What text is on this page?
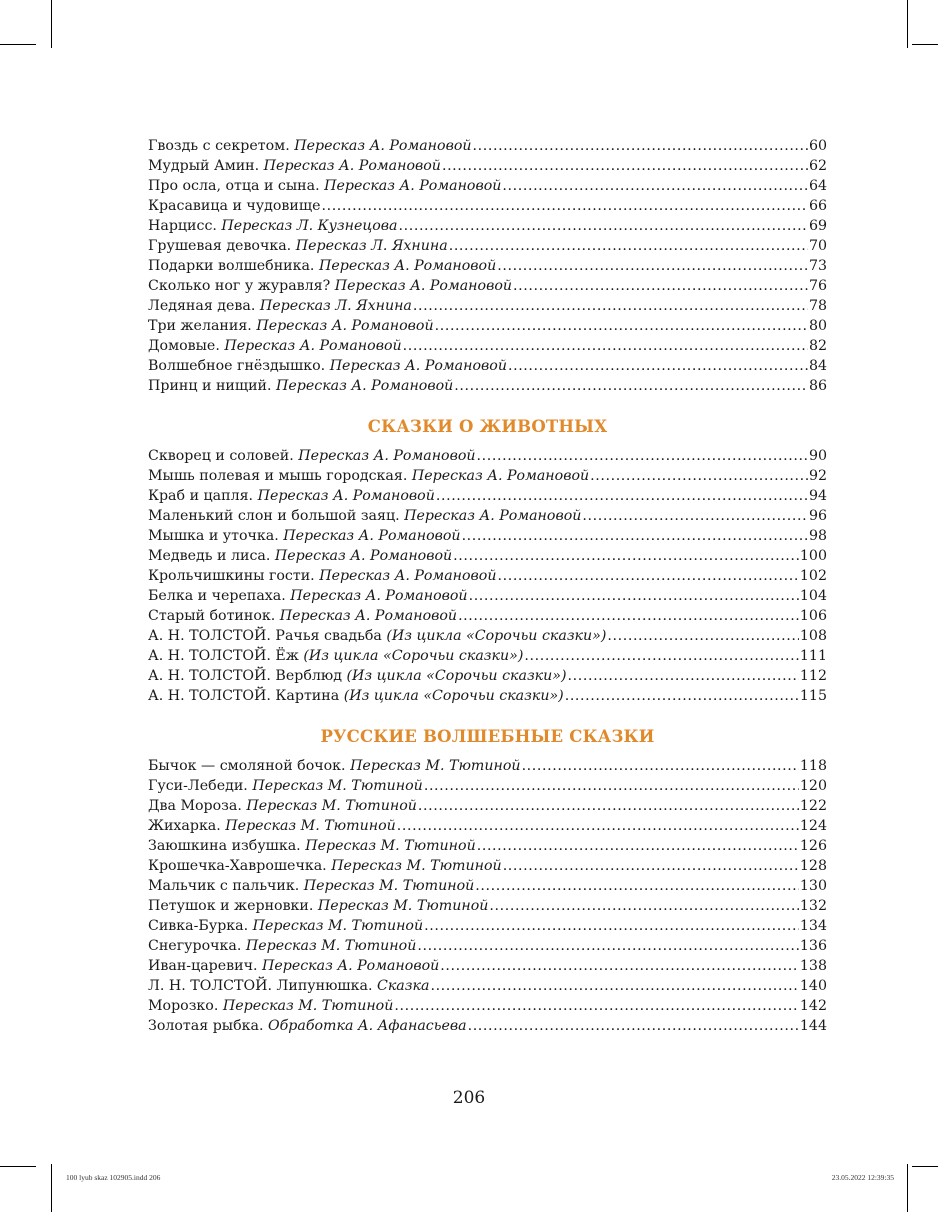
Гвоздь с секретом. Пересказ А. Романовой .....	60
Мудрый Амин. Пересказ А. Романовой .....	62
Про осла, отца и сына. Пересказ А. Романовой .....	64
Красавица и чудовище .....	66
Нарцисс. Пересказ Л. Кузнецова .....	69
Грушевая девочка. Пересказ Л. Яхнина .....	70
Подарки волшебника. Пересказ А. Романовой .....	73
Сколько ног у журавля? Пересказ А. Романовой .....	76
Ледяная дева. Пересказ Л. Яхнина .....	78
Три желания. Пересказ А. Романовой .....	80
Домовые. Пересказ А. Романовой .....	82
Волшебное гнёздышко. Пересказ А. Романовой .....	84
Принц и нищий. Пересказ А. Романовой .....	86
СКАЗКИ О ЖИВОТНЫХ
Скворец и соловей. Пересказ А. Романовой .....	90
Мышь полевая и мышь городская. Пересказ А. Романовой .....	92
Краб и цапля. Пересказ А. Романовой .....	94
Маленький слон и большой заяц. Пересказ А. Романовой .....	96
Мышка и уточка. Пересказ А. Романовой .....	98
Медведь и лиса. Пересказ А. Романовой .....	100
Крольчишкины гости. Пересказ А. Романовой .....	102
Белка и черепаха. Пересказ А. Романовой .....	104
Старый ботинок. Пересказ А. Романовой .....	106
А. Н. ТОЛСТОЙ. Рачья свадьба (Из цикла «Сорочьи сказки») .....	108
А. Н. ТОЛСТОЙ. Ёж (Из цикла «Сорочьи сказки») .....	111
А. Н. ТОЛСТОЙ. Верблюд (Из цикла «Сорочьи сказки») .....	112
А. Н. ТОЛСТОЙ. Картина (Из цикла «Сорочьи сказки») .....	115
РУССКИЕ ВОЛШЕБНЫЕ СКАЗКИ
Бычок — смоляной бочок. Пересказ М. Тютиной .....	118
Гуси-Лебеди. Пересказ М. Тютиной .....	120
Два Мороза. Пересказ М. Тютиной .....	122
Жихарка. Пересказ М. Тютиной .....	124
Заюшкина избушка. Пересказ М. Тютиной .....	126
Крошечка-Хаврошечка. Пересказ М. Тютиной .....	128
Мальчик с пальчик. Пересказ М. Тютиной .....	130
Петушок и жерновки. Пересказ М. Тютиной .....	132
Сивка-Бурка. Пересказ М. Тютиной .....	134
Снегурочка. Пересказ М. Тютиной .....	136
Иван-царевич. Пересказ А. Романовой .....	138
Л. Н. ТОЛСТОЙ. Липунюшка. Сказка .....	140
Морозко. Пересказ М. Тютиной .....	142
Золотая рыбка. Обработка А. Афанасьева .....	144
206
100 lyub skaz 102905.indd 206	23.05.2022 12:39:35
